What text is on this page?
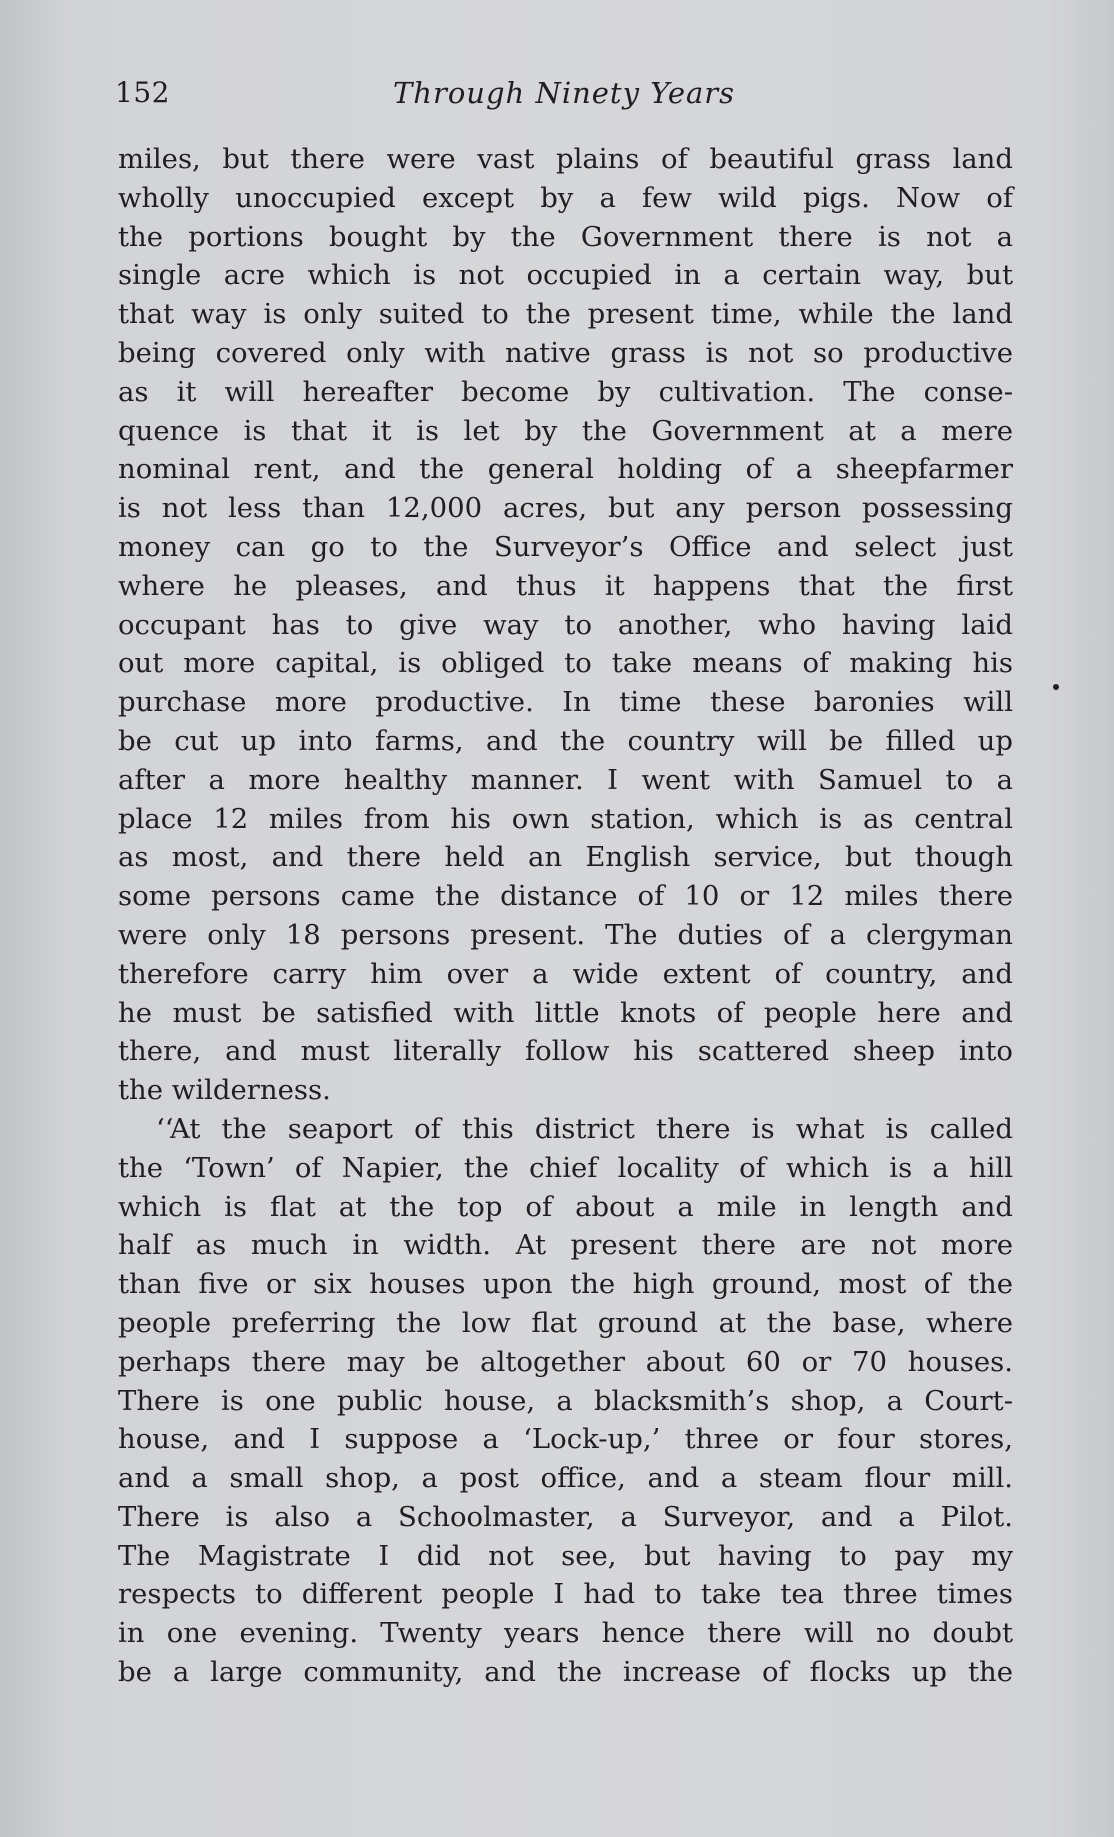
152	Through Ninety Years
miles, but there were vast plains of beautiful grass land
wholly unoccupied except by a few wild pigs. Now of
the portions bought by the Government there is not a
single acre which is not occupied in a certain way, but
that way is only suited to the present time, while the land
being covered only with native grass is not so productive
as it will hereafter become by cultivation. The conse-
quence is that it is let by the Government at a mere
nominal rent, and the general holding of a sheepfarmer
is not less than 12,000 acres, but any person possessing
money can go to the Surveyor’s Office and select just
where he pleases, and thus it happens that the first
occupant has to give way to another, who having laid
out more capital, is obliged to take means of making his
purchase more productive. In time these baronies will
be cut up into farms, and the country will be filled up
after a more healthy manner. I went with Samuel to a
place 12 miles from his own station, which is as central
as most, and there held an English service, but though
some persons came the distance of 10 or 12 miles there
were only 18 persons present. The duties of a clergyman
therefore carry him over a wide extent of country, and
he must be satisfied with little knots of people here and
there, and must literally follow his scattered sheep into
the wilderness.
‘‘At the seaport of this district there is what is called
the ‘Town’ of Napier, the chief locality of which is a hill
which is flat at the top of about a mile in length and
half as much in width. At present there are not more
than five or six houses upon the high ground, most of the
people preferring the low flat ground at the base, where
perhaps there may be altogether about 60 or 70 houses.
There is one public house, a blacksmith’s shop, a Court-
house, and I suppose a ‘Lock-up,’ three or four stores,
and a small shop, a post office, and a steam flour mill.
There is also a Schoolmaster, a Surveyor, and a Pilot.
The Magistrate I did not see, but having to pay my
respects to different people I had to take tea three times
in one evening. Twenty years hence there will no doubt
be a large community, and the increase of flocks up the
